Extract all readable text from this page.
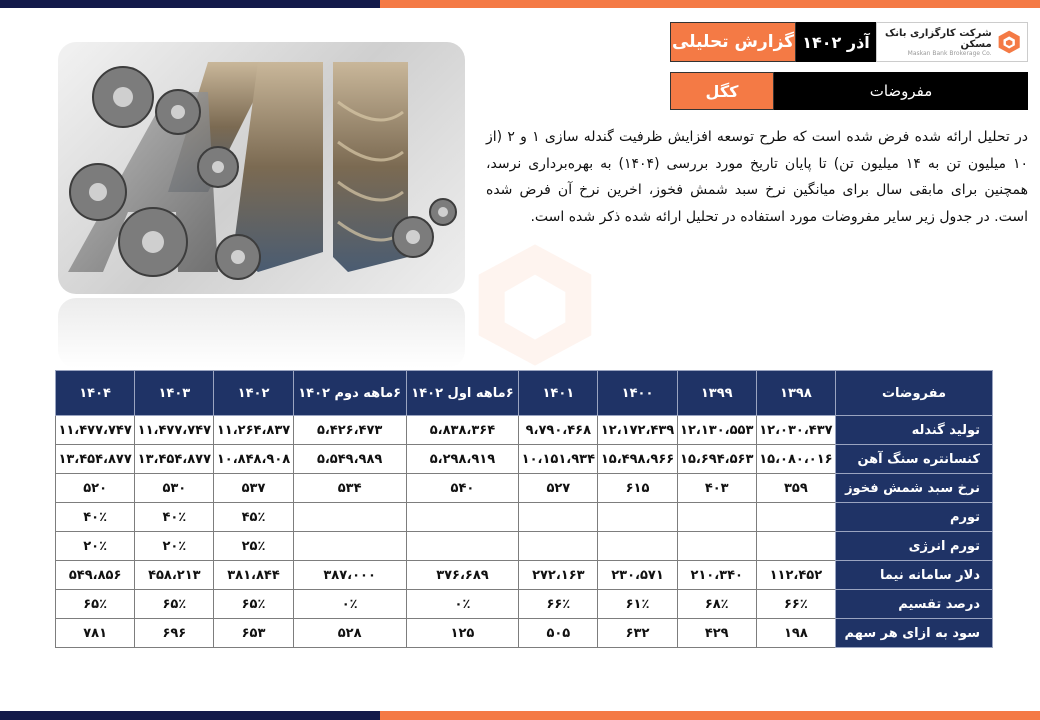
گزارش تحلیلی آذر ۱۴۰۲	شرکت کارگزاری بانک مسکن
Maskan Bank Brokerage Co.
کگل	مفروضات

در تحلیل ارائه شده فرض شده است که طرح توسعه افزایش ظرفیت گندله سازی ۱ و ۲ (از ۱۰ میلیون تن به ۱۴ میلیون تن) تا پایان تاریخ مورد بررسی (۱۴۰۴) به بهره‌برداری نرسد، همچنین برای مابقی سال برای میانگین نرخ سبد شمش فخوز، اخرین نرخ آن فرض شده است. در جدول زیر سایر مفروضات مورد استفاده در تحلیل ارائه شده ذکر شده است.

مفروضات	۱۳۹۸	۱۳۹۹	۱۴۰۰	۱۴۰۱	۶ماهه اول ۱۴۰۲	۶ماهه دوم ۱۴۰۲	۱۴۰۲	۱۴۰۳	۱۴۰۴
تولید گندله	۱۲،۰۳۰،۴۳۷	۱۲،۱۳۰،۵۵۳	۱۲،۱۷۲،۴۳۹	۹،۷۹۰،۴۶۸	۵،۸۳۸،۳۶۴	۵،۴۲۶،۴۷۳	۱۱،۲۶۴،۸۳۷	۱۱،۴۷۷،۷۴۷	۱۱،۴۷۷،۷۴۷
کنسانتره سنگ آهن	۱۵،۰۸۰،۰۱۶	۱۵،۶۹۴،۵۶۳	۱۵،۴۹۸،۹۶۶	۱۰،۱۵۱،۹۳۴	۵،۲۹۸،۹۱۹	۵،۵۴۹،۹۸۹	۱۰،۸۴۸،۹۰۸	۱۳،۴۵۴،۸۷۷	۱۳،۴۵۴،۸۷۷
نرخ سبد شمش فخوز	۳۵۹	۴۰۳	۶۱۵	۵۲۷	۵۴۰	۵۳۴	۵۳۷	۵۳۰	۵۲۰
تورم							۴۵٪	۴۰٪	۴۰٪
تورم انرژی							۲۵٪	۲۰٪	۲۰٪
دلار سامانه نیما	۱۱۲،۴۵۲	۲۱۰،۳۴۰	۲۳۰،۵۷۱	۲۷۲،۱۶۳	۳۷۶،۶۸۹	۳۸۷،۰۰۰	۳۸۱،۸۴۴	۴۵۸،۲۱۳	۵۴۹،۸۵۶
درصد تقسیم	۶۶٪	۶۸٪	۶۱٪	۶۶٪	۰٪	۰٪	۶۵٪	۶۵٪	۶۵٪
سود به ازای هر سهم	۱۹۸	۴۲۹	۶۳۲	۵۰۵	۱۲۵	۵۲۸	۶۵۳	۶۹۶	۷۸۱
